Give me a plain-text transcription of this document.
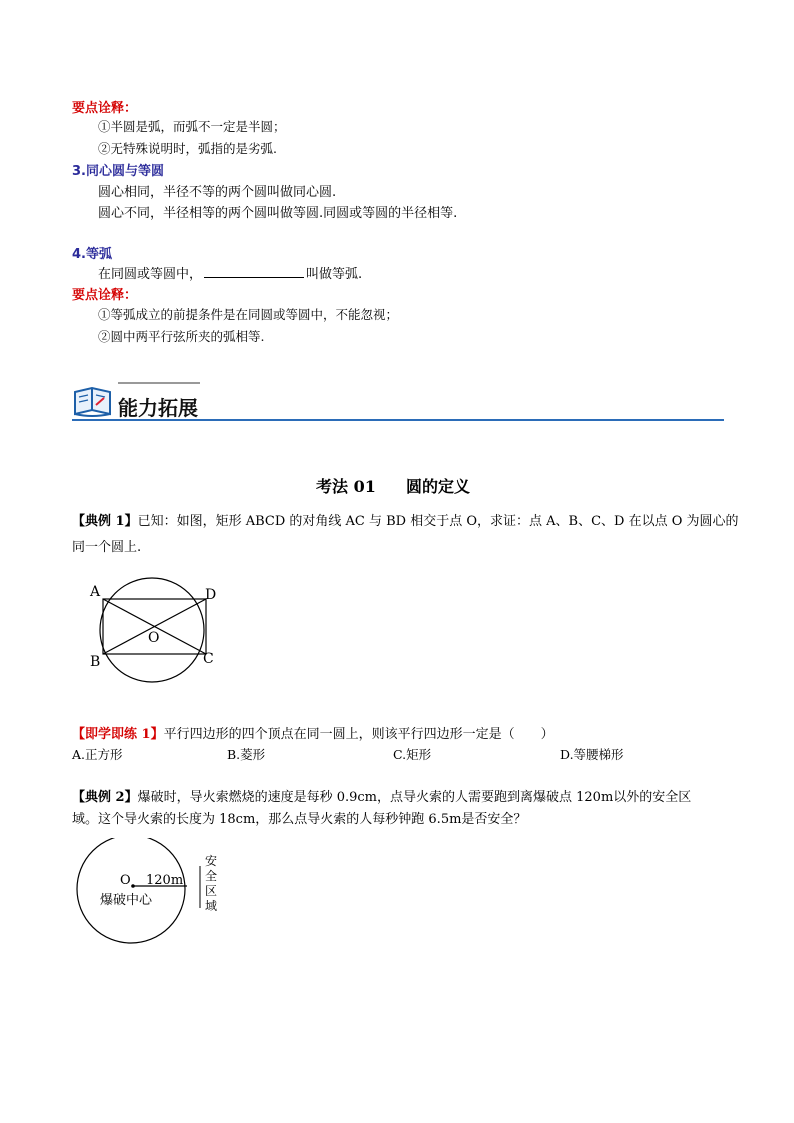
要点诠释：
①半圆是弧，而弧不一定是半圆；
②无特殊说明时，弧指的是劣弧.
3.同心圆与等圆
圆心相同，半径不等的两个圆叫做同心圆.
圆心不同，半径相等的两个圆叫做等圆.同圆或等圆的半径相等.
4.等弧
在同圆或等圆中，	叫做等弧.
要点诠释：
①等弧成立的前提条件是在同圆或等圆中，不能忽视；
②圆中两平行弦所夹的弧相等.
能力拓展
考法 01 圆的定义
【典例 1】已知：如图，矩形 ABCD 的对角线 AC 与 BD 相交于点 O，求证：点 A、B、C、D 在以点 O 为圆心的
同一个圆上.
A	D
O
B	C
【即学即练 1】平行四边形的四个顶点在同一圆上，则该平行四边形一定是（　　）
A.正方形	B.菱形	C.矩形	D.等腰梯形
【典例 2】爆破时，导火索燃烧的速度是每秒 0.9cm，点导火索的人需要跑到离爆破点 120m以外的安全区
域。这个导火索的长度为 18cm，那么点导火索的人每秒钟跑 6.5m是否安全？
O 120m
爆破中心
安
全
区
域
